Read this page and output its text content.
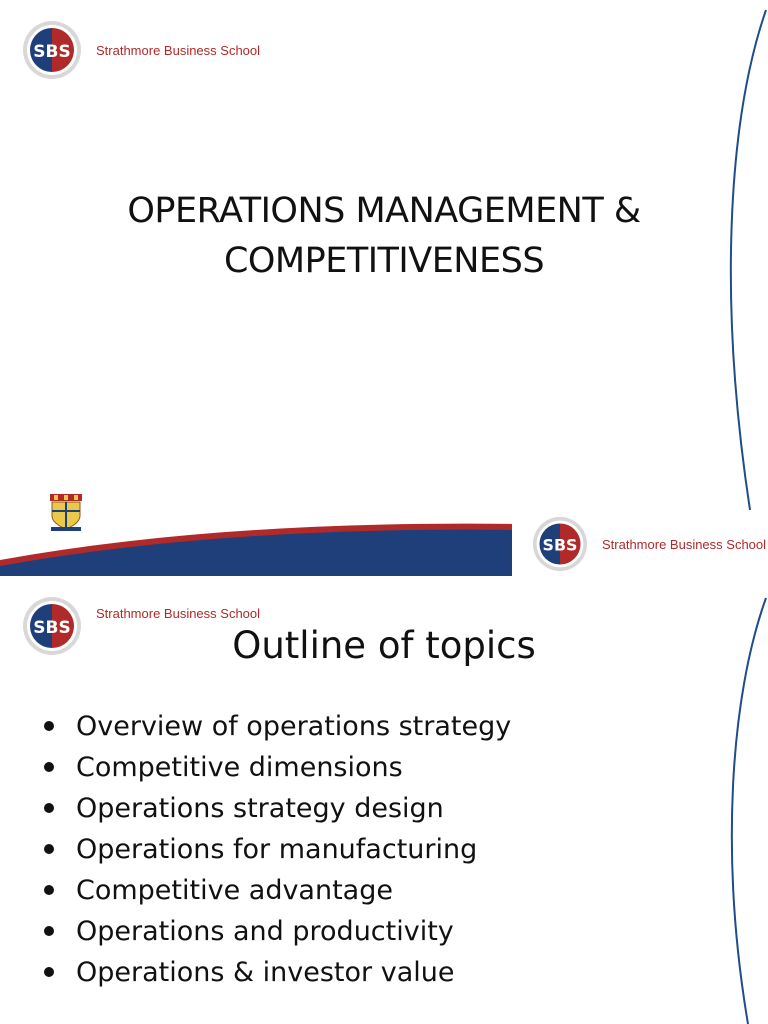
SBS Strathmore Business School
OPERATIONS MANAGEMENT &
COMPETITIVENESS
SBS Strathmore Business School
SBS
Strathmore Business School
Outline of topics
Overview of operations strategy
Competitive dimensions
Operations strategy design
Operations for manufacturing
Competitive advantage
Operations and productivity
Operations & investor value
